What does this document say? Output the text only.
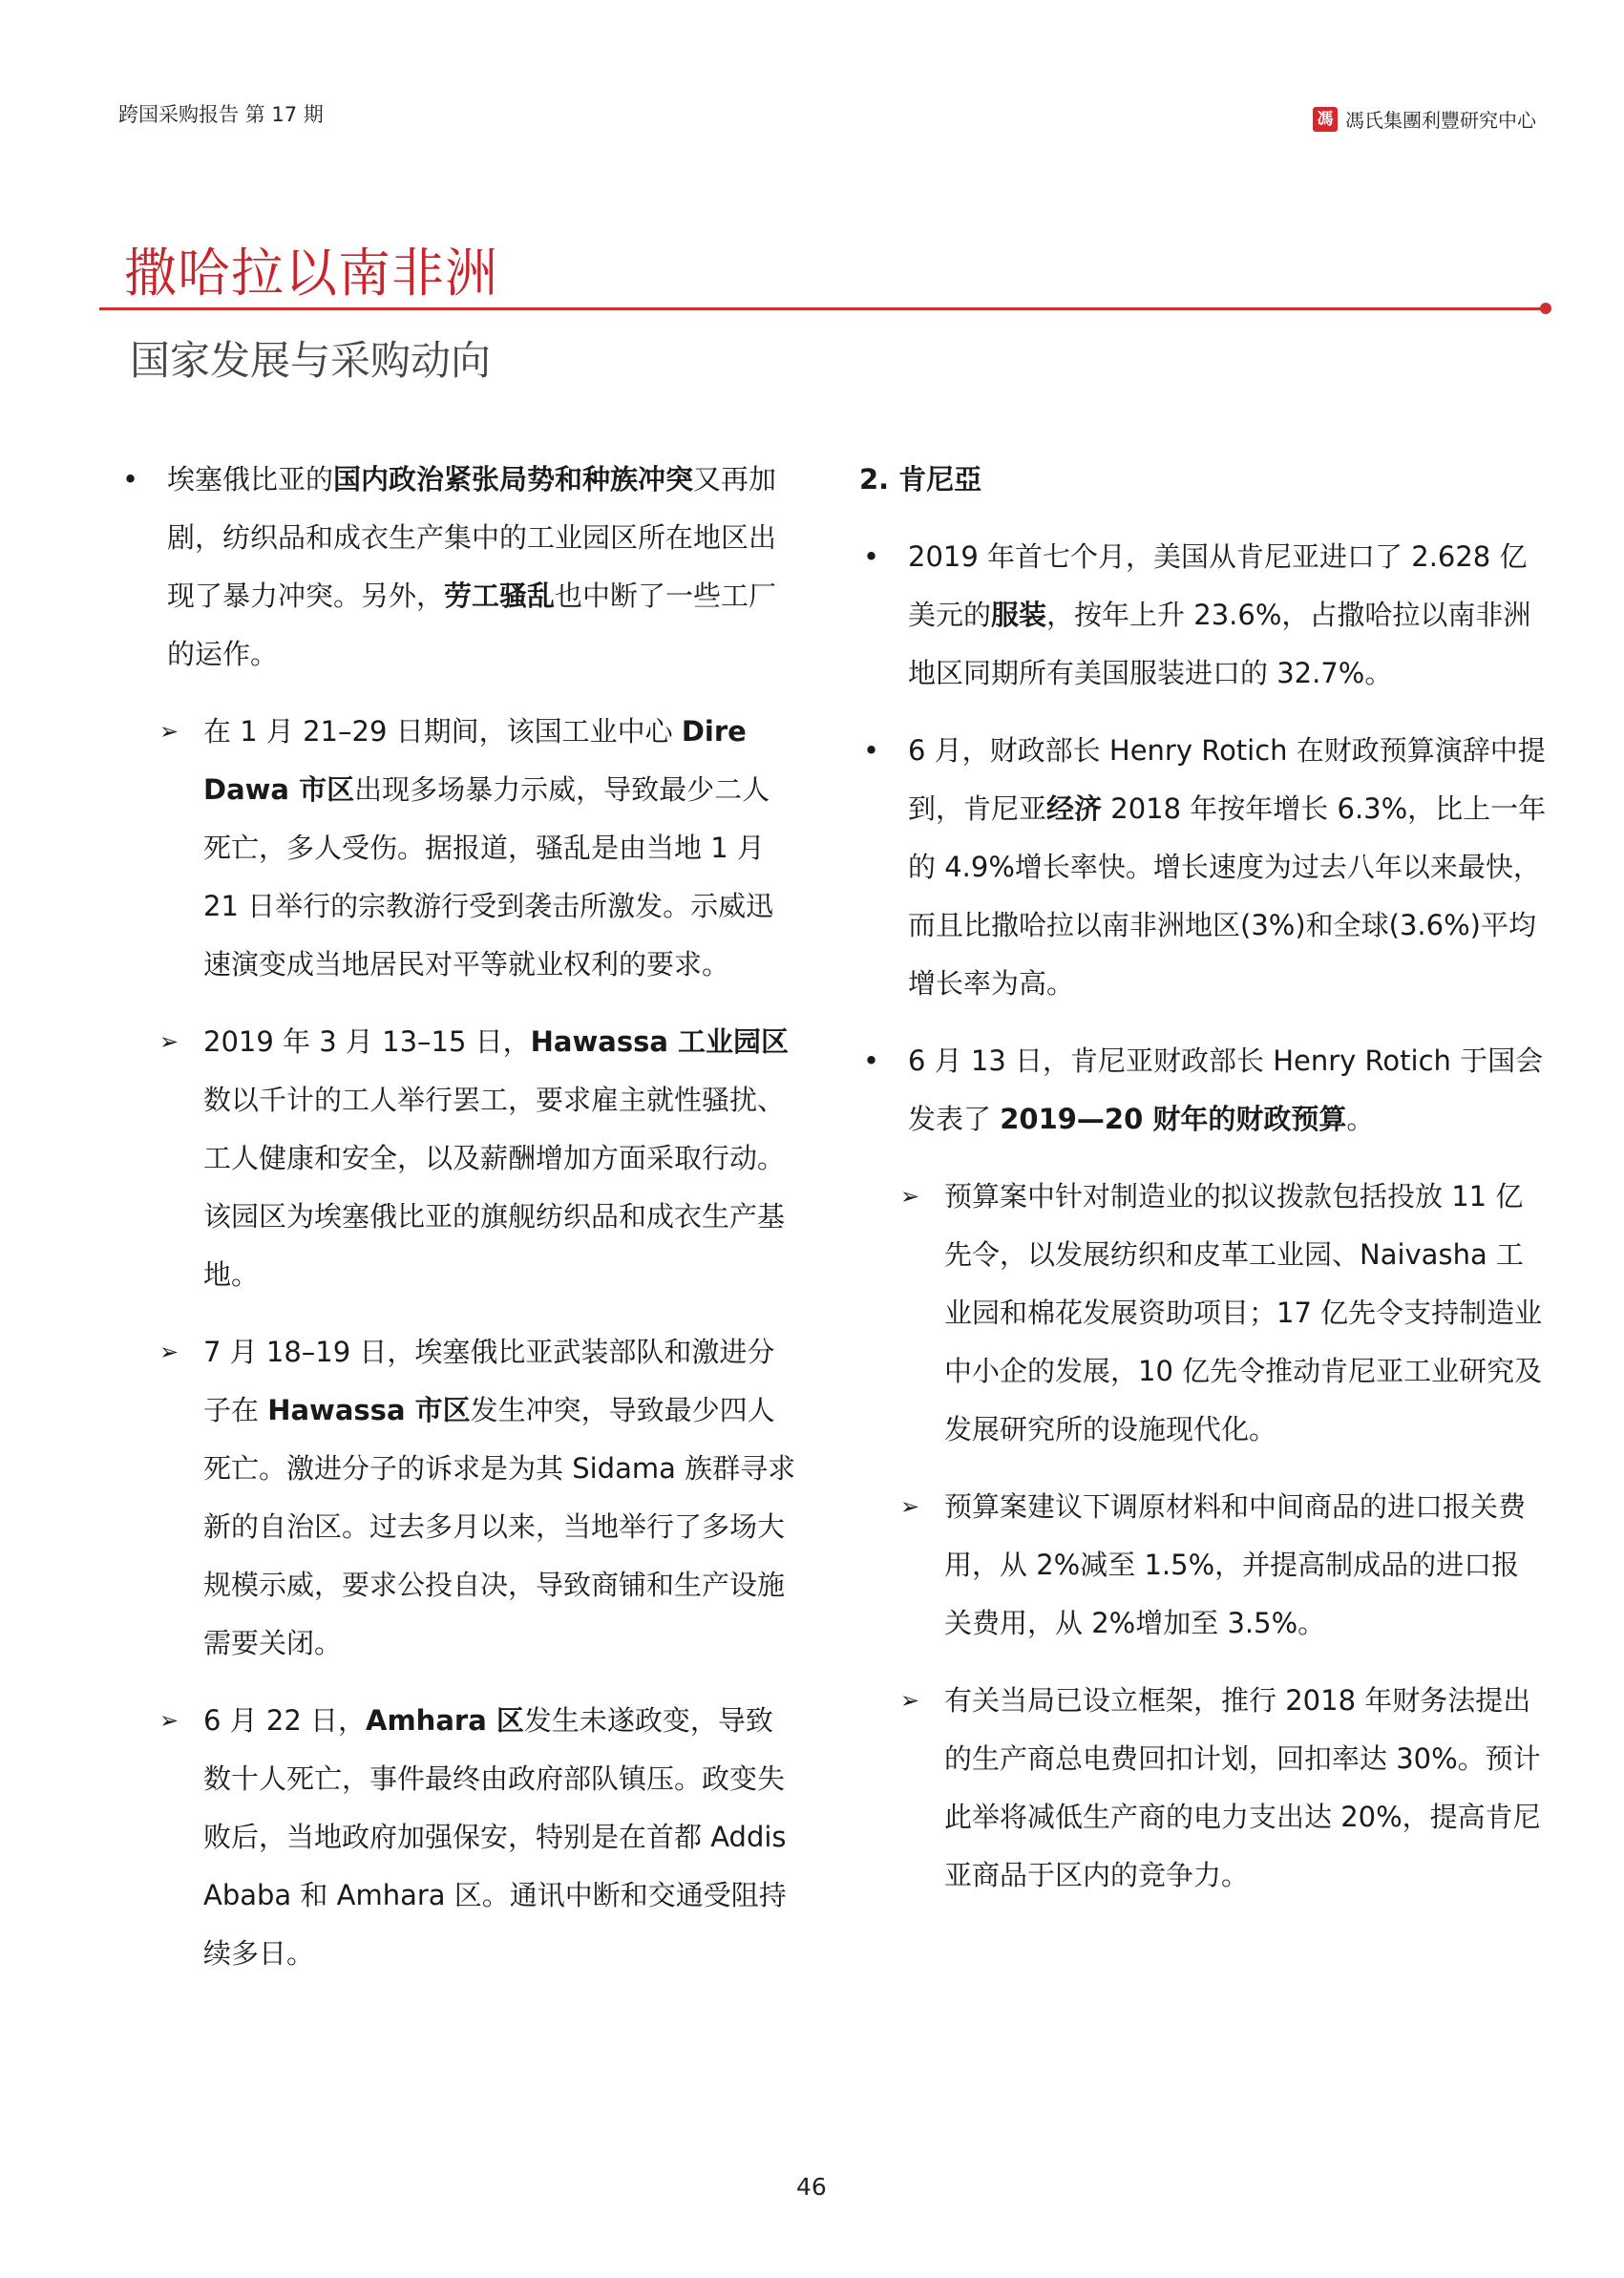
跨国采购报告 第 17 期	馮 馮氏集團利豐研究中心
撒哈拉以南非洲
国家发展与采购动向
• 埃塞俄比亚的国内政治紧张局势和种族冲突又再加剧，纺织品和成衣生产集中的工业园区所在地区出现了暴力冲突。另外，劳工骚乱也中断了一些工厂的运作。
➢ 在 1 月 21–29 日期间，该国工业中心 Dire Dawa 市区出现多场暴力示威，导致最少二人死亡，多人受伤。据报道，骚乱是由当地 1 月 21 日举行的宗教游行受到袭击所激发。示威迅速演变成当地居民对平等就业权利的要求。
➢ 2019 年 3 月 13–15 日，Hawassa 工业园区数以千计的工人举行罢工，要求雇主就性骚扰、工人健康和安全，以及薪酬增加方面采取行动。该园区为埃塞俄比亚的旗舰纺织品和成衣生产基地。
➢ 7 月 18–19 日，埃塞俄比亚武装部队和激进分子在 Hawassa 市区发生冲突，导致最少四人死亡。激进分子的诉求是为其 Sidama 族群寻求新的自治区。过去多月以来，当地举行了多场大规模示威，要求公投自决，导致商铺和生产设施需要关闭。
➢ 6 月 22 日，Amhara 区发生未遂政变，导致数十人死亡，事件最终由政府部队镇压。政变失败后，当地政府加强保安，特别是在首都 Addis Ababa 和 Amhara 区。通讯中断和交通受阻持续多日。
2. 肯尼亞
• 2019 年首七个月，美国从肯尼亚进口了 2.628 亿美元的服装，按年上升 23.6%，占撒哈拉以南非洲地区同期所有美国服装进口的 32.7%。
• 6 月，财政部长 Henry Rotich 在财政预算演辞中提到，肯尼亚经济 2018 年按年增长 6.3%，比上一年的 4.9%增长率快。增长速度为过去八年以来最快，而且比撒哈拉以南非洲地区(3%)和全球(3.6%)平均增长率为高。
• 6 月 13 日，肯尼亚财政部长 Henry Rotich 于国会发表了 2019—20 财年的财政预算。
➢ 预算案中针对制造业的拟议拨款包括投放 11 亿先令，以发展纺织和皮革工业园、Naivasha 工业园和棉花发展资助项目；17 亿先令支持制造业中小企的发展，10 亿先令推动肯尼亚工业研究及发展研究所的设施现代化。
➢ 预算案建议下调原材料和中间商品的进口报关费用，从 2%减至 1.5%，并提高制成品的进口报关费用，从 2%增加至 3.5%。
➢ 有关当局已设立框架，推行 2018 年财务法提出的生产商总电费回扣计划，回扣率达 30%。预计此举将减低生产商的电力支出达 20%，提高肯尼亚商品于区内的竞争力。
46
